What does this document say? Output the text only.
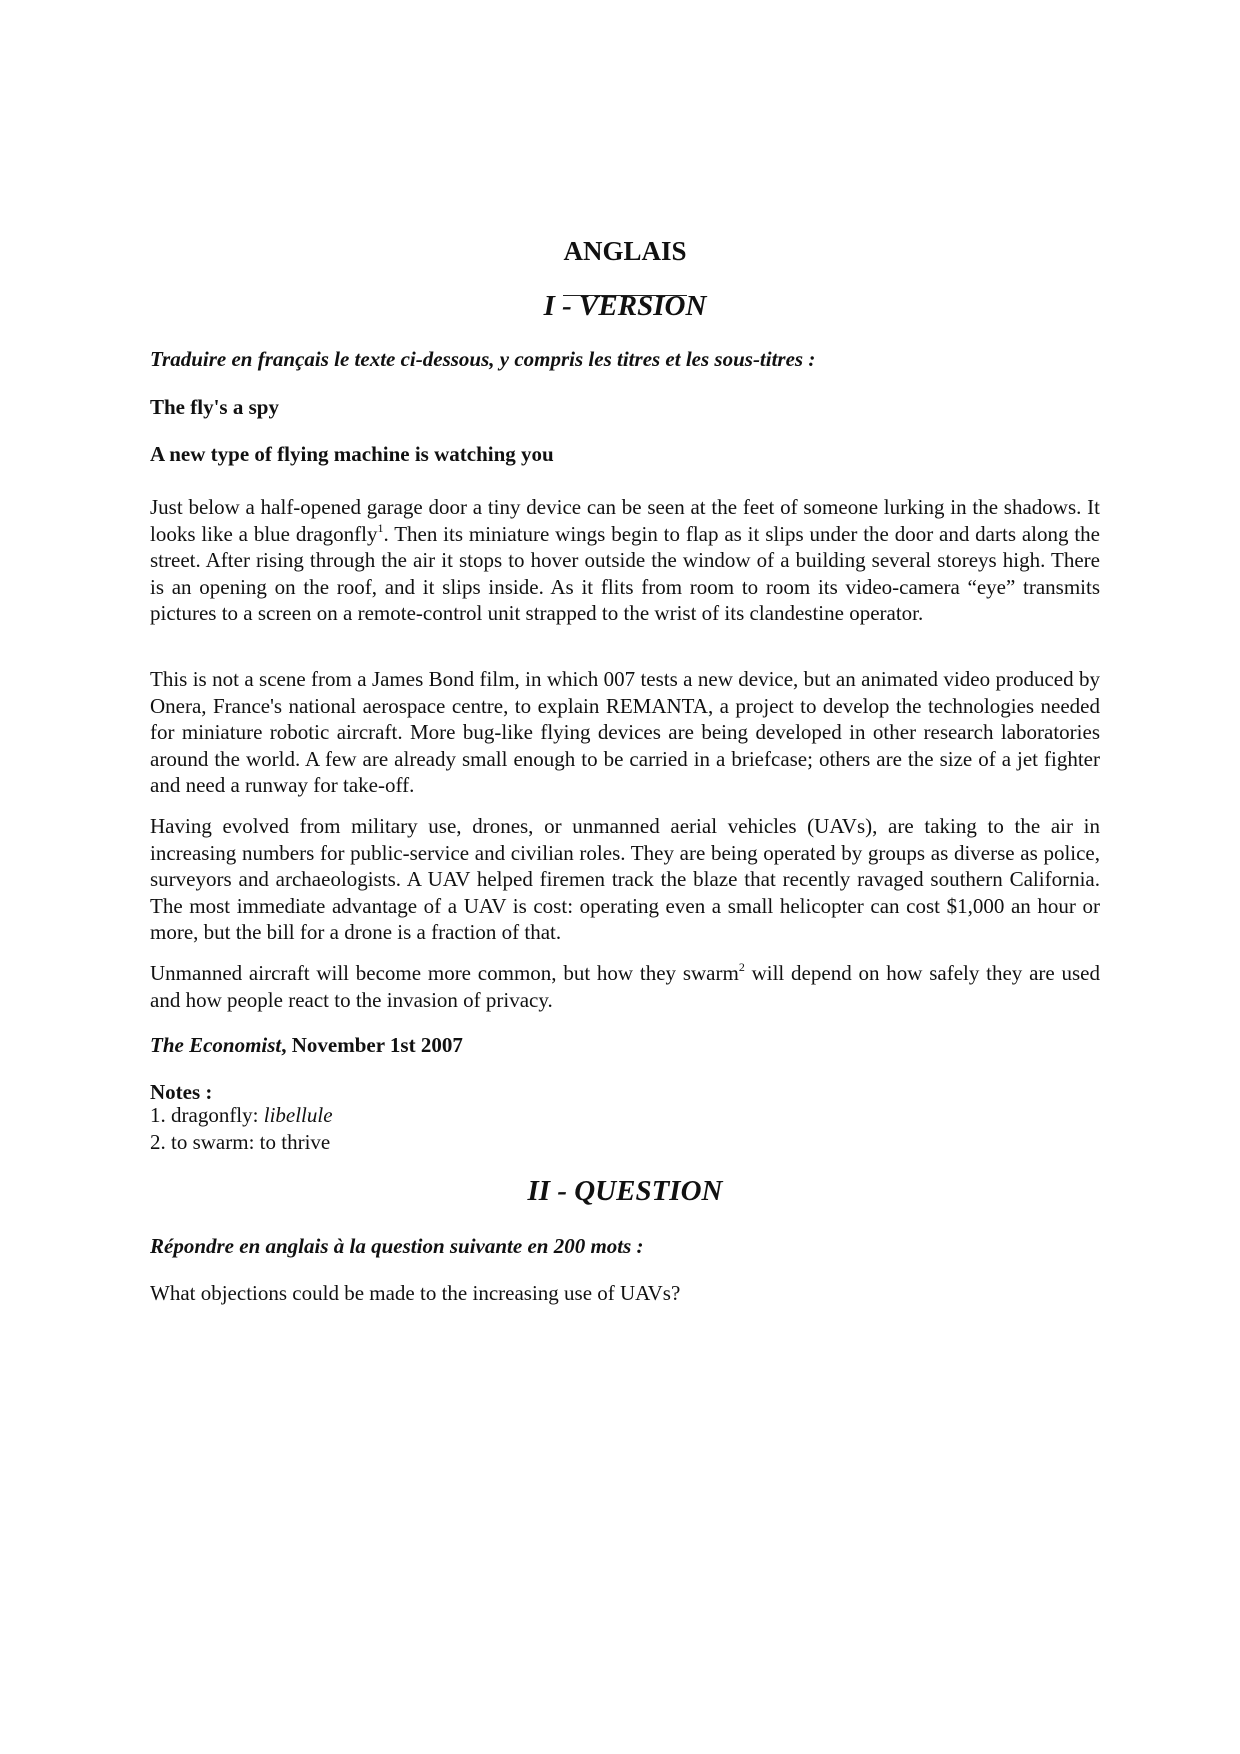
ANGLAIS
I - VERSION
Traduire en français le texte ci-dessous, y compris les titres et les sous-titres :
The fly's a spy
A new type of flying machine is watching you
Just below a half-opened garage door a tiny device can be seen at the feet of someone lurking in the shadows. It looks like a blue dragonfly$^1$. Then its miniature wings begin to flap as it slips under the door and darts along the street. After rising through the air it stops to hover outside the window of a building several storeys high. There is an opening on the roof, and it slips inside. As it flits from room to room its video-camera “eye” transmits pictures to a screen on a remote-control unit strapped to the wrist of its clandestine operator.
This is not a scene from a James Bond film, in which 007 tests a new device, but an animated video produced by Onera, France's national aerospace centre, to explain REMANTA, a project to develop the technologies needed for miniature robotic aircraft. More bug-like flying devices are being developed in other research laboratories around the world. A few are already small enough to be carried in a briefcase; others are the size of a jet fighter and need a runway for take-off.
Having evolved from military use, drones, or unmanned aerial vehicles (UAVs), are taking to the air in increasing numbers for public-service and civilian roles. They are being operated by groups as diverse as police, surveyors and archaeologists. A UAV helped firemen track the blaze that recently ravaged southern California. The most immediate advantage of a UAV is cost: operating even a small helicopter can cost $1,000 an hour or more, but the bill for a drone is a fraction of that.
Unmanned aircraft will become more common, but how they swarm$^2$ will depend on how safely they are used and how people react to the invasion of privacy.
The Economist, November 1st 2007
Notes :
1. dragonfly: libellule
2. to swarm: to thrive
II - QUESTION
Répondre en anglais à la question suivante en 200 mots :
What objections could be made to the increasing use of UAVs?
